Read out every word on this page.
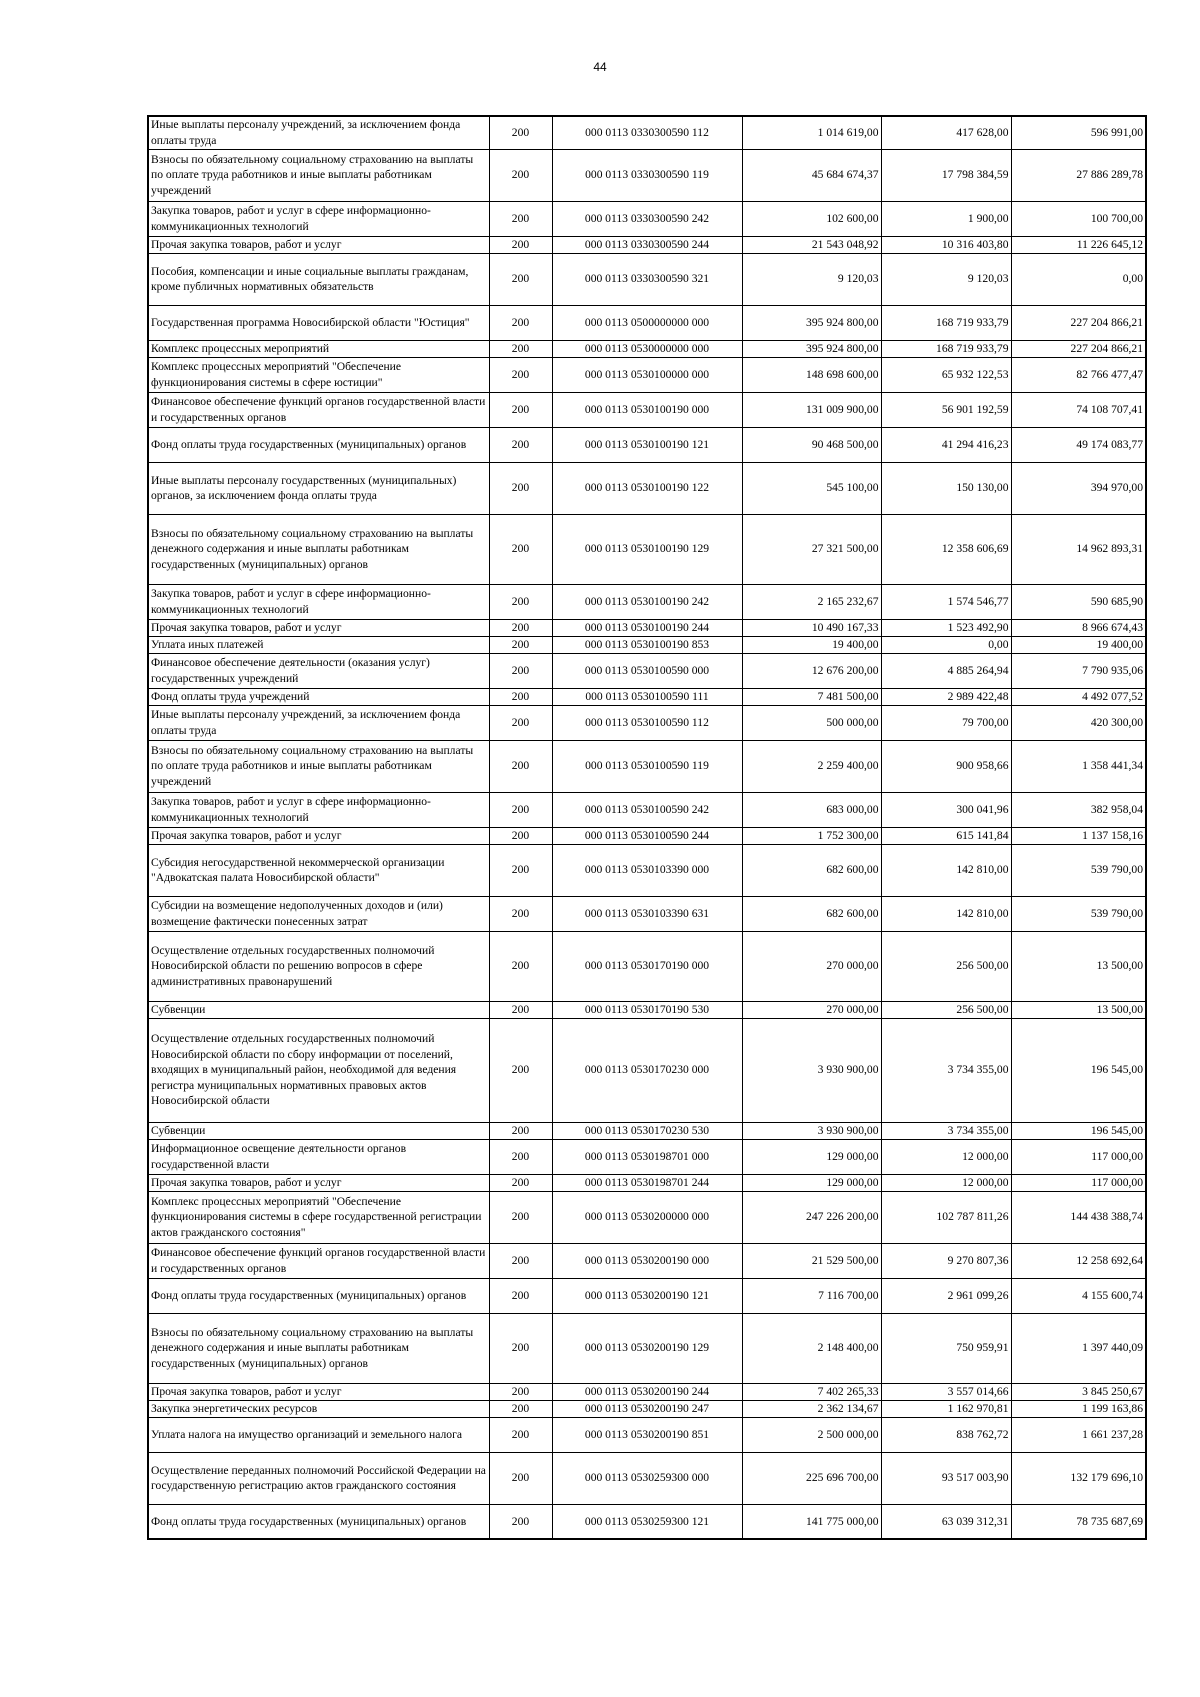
44
Иные выплаты персоналу учреждений, за исключением фонда оплаты труда	200	000 0113 0330300590 112	1 014 619,00	417 628,00	596 991,00
Взносы по обязательному социальному страхованию на выплаты по оплате труда работников и иные выплаты работникам учреждений	200	000 0113 0330300590 119	45 684 674,37	17 798 384,59	27 886 289,78
Закупка товаров, работ и услуг в сфере информационно-коммуникационных технологий	200	000 0113 0330300590 242	102 600,00	1 900,00	100 700,00
Прочая закупка товаров, работ и услуг	200	000 0113 0330300590 244	21 543 048,92	10 316 403,80	11 226 645,12
Пособия, компенсации и иные социальные выплаты гражданам, кроме публичных нормативных обязательств	200	000 0113 0330300590 321	9 120,03	9 120,03	0,00
Государственная программа Новосибирской области "Юстиция"	200	000 0113 0500000000 000	395 924 800,00	168 719 933,79	227 204 866,21
Комплекс процессных мероприятий	200	000 0113 0530000000 000	395 924 800,00	168 719 933,79	227 204 866,21
Комплекс процессных мероприятий "Обеспечение функционирования системы в сфере юстиции"	200	000 0113 0530100000 000	148 698 600,00	65 932 122,53	82 766 477,47
Финансовое обеспечение функций органов государственной власти и государственных органов	200	000 0113 0530100190 000	131 009 900,00	56 901 192,59	74 108 707,41
Фонд оплаты труда государственных (муниципальных) органов	200	000 0113 0530100190 121	90 468 500,00	41 294 416,23	49 174 083,77
Иные выплаты персоналу государственных (муниципальных) органов, за исключением фонда оплаты труда	200	000 0113 0530100190 122	545 100,00	150 130,00	394 970,00
Взносы по обязательному социальному страхованию на выплаты денежного содержания и иные выплаты работникам государственных (муниципальных) органов	200	000 0113 0530100190 129	27 321 500,00	12 358 606,69	14 962 893,31
Закупка товаров, работ и услуг в сфере информационно-коммуникационных технологий	200	000 0113 0530100190 242	2 165 232,67	1 574 546,77	590 685,90
Прочая закупка товаров, работ и услуг	200	000 0113 0530100190 244	10 490 167,33	1 523 492,90	8 966 674,43
Уплата иных платежей	200	000 0113 0530100190 853	19 400,00	0,00	19 400,00
Финансовое обеспечение деятельности (оказания услуг) государственных учреждений	200	000 0113 0530100590 000	12 676 200,00	4 885 264,94	7 790 935,06
Фонд оплаты труда учреждений	200	000 0113 0530100590 111	7 481 500,00	2 989 422,48	4 492 077,52
Иные выплаты персоналу учреждений, за исключением фонда оплаты труда	200	000 0113 0530100590 112	500 000,00	79 700,00	420 300,00
Взносы по обязательному социальному страхованию на выплаты по оплате труда работников и иные выплаты работникам учреждений	200	000 0113 0530100590 119	2 259 400,00	900 958,66	1 358 441,34
Закупка товаров, работ и услуг в сфере информационно-коммуникационных технологий	200	000 0113 0530100590 242	683 000,00	300 041,96	382 958,04
Прочая закупка товаров, работ и услуг	200	000 0113 0530100590 244	1 752 300,00	615 141,84	1 137 158,16
Субсидия негосударственной некоммерческой организации "Адвокатская палата Новосибирской области"	200	000 0113 0530103390 000	682 600,00	142 810,00	539 790,00
Субсидии на возмещение недополученных доходов и (или) возмещение фактически понесенных затрат	200	000 0113 0530103390 631	682 600,00	142 810,00	539 790,00
Осуществление отдельных государственных полномочий Новосибирской области по решению вопросов в сфере административных правонарушений	200	000 0113 0530170190 000	270 000,00	256 500,00	13 500,00
Субвенции	200	000 0113 0530170190 530	270 000,00	256 500,00	13 500,00
Осуществление отдельных государственных полномочий Новосибирской области по сбору информации от поселений, входящих в муниципальный район, необходимой для ведения регистра муниципальных нормативных правовых актов Новосибирской области	200	000 0113 0530170230 000	3 930 900,00	3 734 355,00	196 545,00
Субвенции	200	000 0113 0530170230 530	3 930 900,00	3 734 355,00	196 545,00
Информационное освещение деятельности органов государственной власти	200	000 0113 0530198701 000	129 000,00	12 000,00	117 000,00
Прочая закупка товаров, работ и услуг	200	000 0113 0530198701 244	129 000,00	12 000,00	117 000,00
Комплекс процессных мероприятий "Обеспечение функционирования системы в сфере государственной регистрации актов гражданского состояния"	200	000 0113 0530200000 000	247 226 200,00	102 787 811,26	144 438 388,74
Финансовое обеспечение функций органов государственной власти и государственных органов	200	000 0113 0530200190 000	21 529 500,00	9 270 807,36	12 258 692,64
Фонд оплаты труда государственных (муниципальных) органов	200	000 0113 0530200190 121	7 116 700,00	2 961 099,26	4 155 600,74
Взносы по обязательному социальному страхованию на выплаты денежного содержания и иные выплаты работникам государственных (муниципальных) органов	200	000 0113 0530200190 129	2 148 400,00	750 959,91	1 397 440,09
Прочая закупка товаров, работ и услуг	200	000 0113 0530200190 244	7 402 265,33	3 557 014,66	3 845 250,67
Закупка энергетических ресурсов	200	000 0113 0530200190 247	2 362 134,67	1 162 970,81	1 199 163,86
Уплата налога на имущество организаций и земельного налога	200	000 0113 0530200190 851	2 500 000,00	838 762,72	1 661 237,28
Осуществление переданных полномочий Российской Федерации на государственную регистрацию актов гражданского состояния	200	000 0113 0530259300 000	225 696 700,00	93 517 003,90	132 179 696,10
Фонд оплаты труда государственных (муниципальных) органов	200	000 0113 0530259300 121	141 775 000,00	63 039 312,31	78 735 687,69
